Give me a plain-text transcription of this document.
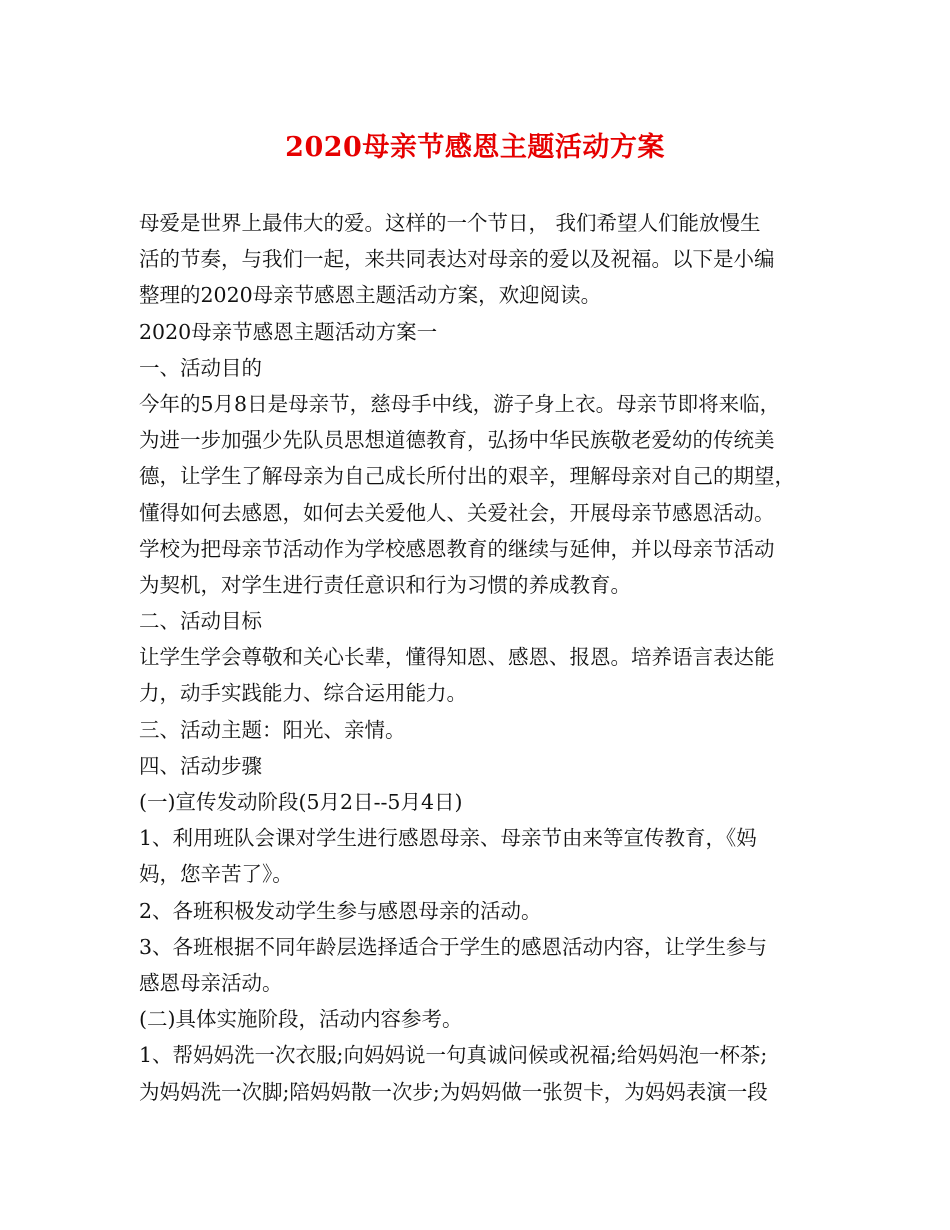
2020母亲节感恩主题活动方案
母爱是世界上最伟大的爱。这样的一个节日， 我们希望人们能放慢生
活的节奏，与我们一起，来共同表达对母亲的爱以及祝福。以下是小编
整理的2020母亲节感恩主题活动方案，欢迎阅读。
2020母亲节感恩主题活动方案一
一、活动目的
今年的5月8日是母亲节，慈母手中线，游子身上衣。母亲节即将来临，
为进一步加强少先队员思想道德教育，弘扬中华民族敬老爱幼的传统美
德，让学生了解母亲为自己成长所付出的艰辛，理解母亲对自己的期望，
懂得如何去感恩，如何去关爱他人、关爱社会，开展母亲节感恩活动。
学校为把母亲节活动作为学校感恩教育的继续与延伸，并以母亲节活动
为契机，对学生进行责任意识和行为习惯的养成教育。
二、活动目标
让学生学会尊敬和关心长辈，懂得知恩、感恩、报恩。培养语言表达能
力，动手实践能力、综合运用能力。
三、活动主题：阳光、亲情。
四、活动步骤
(一)宣传发动阶段(5月2日--5月4日)
1、利用班队会课对学生进行感恩母亲、母亲节由来等宣传教育，《妈
妈，您辛苦了》。
2、各班积极发动学生参与感恩母亲的活动。
3、各班根据不同年龄层选择适合于学生的感恩活动内容，让学生参与
感恩母亲活动。
(二)具体实施阶段，活动内容参考。
1、帮妈妈洗一次衣服;向妈妈说一句真诚问候或祝福;给妈妈泡一杯茶;
为妈妈洗一次脚;陪妈妈散一次步;为妈妈做一张贺卡，为妈妈表演一段
